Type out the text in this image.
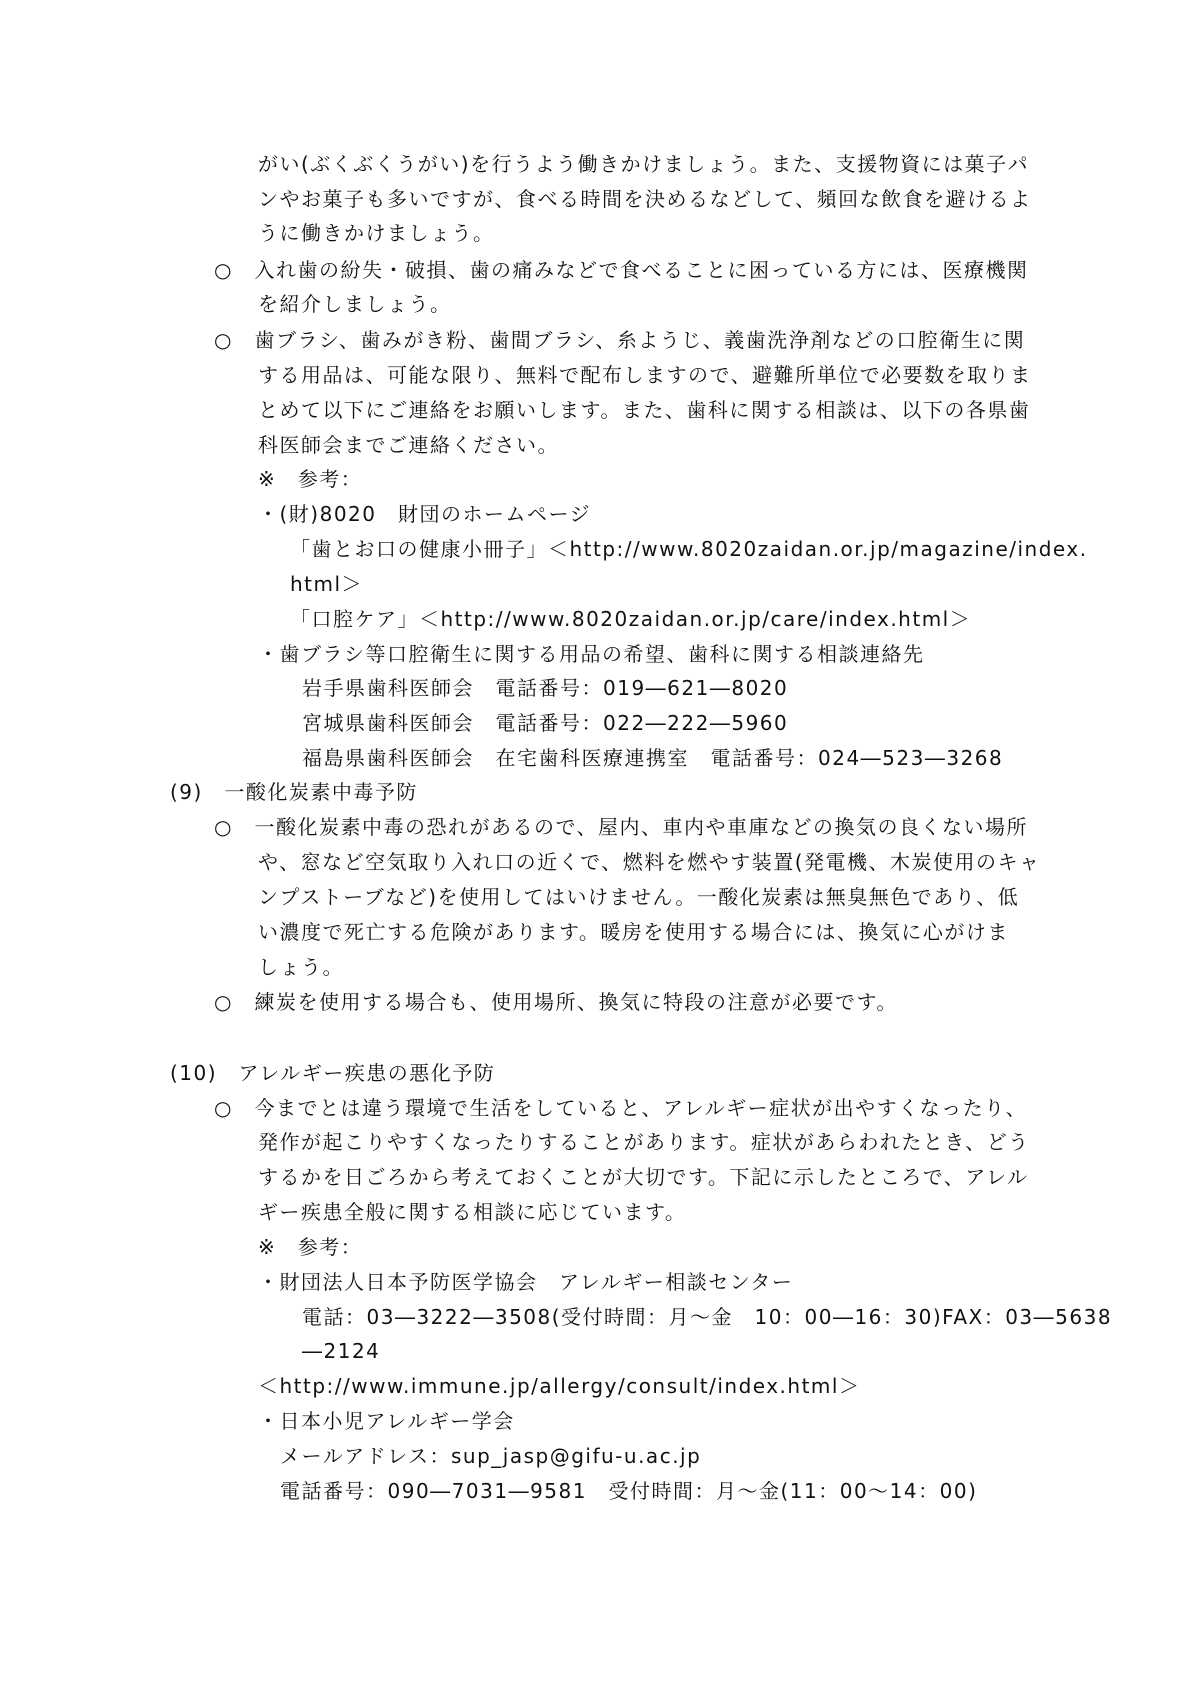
がい(ぶくぶくうがい)を行うよう働きかけましょう。また、支援物資には菓子パ
ンやお菓子も多いですが、食べる時間を決めるなどして、頻回な飲食を避けるよ
うに働きかけましょう。
○　入れ歯の紛失・破損、歯の痛みなどで食べることに困っている方には、医療機関
を紹介しましょう。
○　歯ブラシ、歯みがき粉、歯間ブラシ、糸ようじ、義歯洗浄剤などの口腔衛生に関
する用品は、可能な限り、無料で配布しますので、避難所単位で必要数を取りま
とめて以下にご連絡をお願いします。また、歯科に関する相談は、以下の各県歯
科医師会までご連絡ください。
※　参考：
・(財)8020　財団のホームページ
「歯とお口の健康小冊子」＜http://www.8020zaidan.or.jp/magazine/index.
html＞
「口腔ケア」＜http://www.8020zaidan.or.jp/care/index.html＞
・歯ブラシ等口腔衛生に関する用品の希望、歯科に関する相談連絡先
岩手県歯科医師会　電話番号：019―621―8020
宮城県歯科医師会　電話番号：022―222―5960
福島県歯科医師会　在宅歯科医療連携室　電話番号：024―523―3268
(9)　一酸化炭素中毒予防
○　一酸化炭素中毒の恐れがあるので、屋内、車内や車庫などの換気の良くない場所
や、窓など空気取り入れ口の近くで、燃料を燃やす装置(発電機、木炭使用のキャ
ンプストーブなど)を使用してはいけません。一酸化炭素は無臭無色であり、低
い濃度で死亡する危険があります。暖房を使用する場合には、換気に心がけま
しょう。
○　練炭を使用する場合も、使用場所、換気に特段の注意が必要です。
(10)　アレルギー疾患の悪化予防
○　今までとは違う環境で生活をしていると、アレルギー症状が出やすくなったり、
発作が起こりやすくなったりすることがあります。症状があらわれたとき、どう
するかを日ごろから考えておくことが大切です。下記に示したところで、アレル
ギー疾患全般に関する相談に応じています。
※　参考：
・財団法人日本予防医学協会　アレルギー相談センター
電話：03―3222―3508(受付時間：月～金　10：00―16：30)FAX：03―5638
―2124
＜http://www.immune.jp/allergy/consult/index.html＞
・日本小児アレルギー学会
メールアドレス：sup_jasp@gifu-u.ac.jp
電話番号：090―7031―9581　受付時間：月～金(11：00～14：00)
